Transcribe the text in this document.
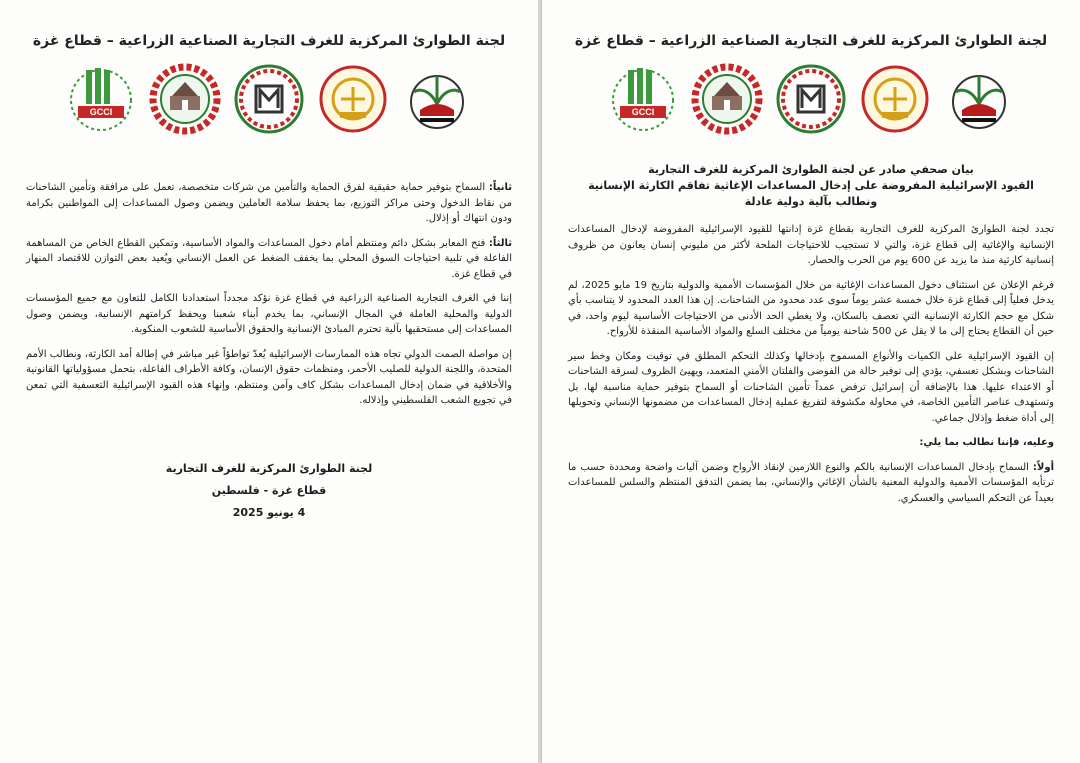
لجنة الطوارئ المركزية للغرف التجارية الصناعية الزراعية – قطاع غزة
GCCI

ثانياً: السماح بتوفير حماية حقيقية لفرق الحماية والتأمين من شركات متخصصة، تعمل على مرافقة وتأمين الشاحنات من نقاط الدخول وحتى مراكز التوزيع، بما يحفظ سلامة العاملين ويضمن وصول المساعدات إلى المواطنين بكرامة ودون انتهاك أو إذلال.

ثالثاً: فتح المعابر بشكل دائم ومنتظم أمام دخول المساعدات والمواد الأساسية، وتمكين القطاع الخاص من المساهمة الفاعلة في تلبية احتياجات السوق المحلي بما يخفف الضغط عن العمل الإنساني ويُعيد بعض التوازن للاقتصاد المنهار في قطاع غزة.

إننا في الغرف التجارية الصناعية الزراعية في قطاع غزة نؤكد مجدداً استعدادنا الكامل للتعاون مع جميع المؤسسات الدولية والمحلية العاملة في المجال الإنساني، بما يخدم أبناء شعبنا ويحفظ كرامتهم الإنسانية، ويضمن وصول المساعدات إلى مستحقيها بآلية تحترم المبادئ الإنسانية والحقوق الأساسية للشعوب المنكوبة.

إن مواصلة الصمت الدولي تجاه هذه الممارسات الإسرائيلية يُعدّ تواطؤاً غير مباشر في إطالة أمد الكارثة، ونطالب الأمم المتحدة، واللجنة الدولية للصليب الأحمر، ومنظمات حقوق الإنسان، وكافة الأطراف الفاعلة، بتحمل مسؤولياتها القانونية والأخلاقية في ضمان إدخال المساعدات بشكل كاف وآمن ومنتظم، وإنهاء هذه القيود الإسرائيلية التعسفية التي تمعن في تجويع الشعب الفلسطيني وإذلاله.

لجنة الطوارئ المركزية للغرف التجارية
قطاع غزة - فلسطين
4 يونيو 2025
لجنة الطوارئ المركزية للغرف التجارية الصناعية الزراعية – قطاع غزة
GCCI
بيان صحفي صادر عن لجنة الطوارئ المركزية للغرف التجارية
القيود الإسرائيلية المفروضة على إدخال المساعدات الإغاثية تفاقم الكارثة الإنسانية ونطالب بآلية دولية عادلة

تجدد لجنة الطوارئ المركزية للغرف التجارية بقطاع غزة إدانتها للقيود الإسرائيلية المفروضة لإدخال المساعدات الإنسانية والإغاثية إلى قطاع غزة، والتي لا تستجيب للاحتياجات الملحة لأكثر من مليوني إنسان يعانون من ظروف إنسانية كارثية منذ ما يزيد عن 600 يوم من الحرب والحصار.

فرغم الإعلان عن استئناف دخول المساعدات الإغاثية من خلال المؤسسات الأممية والدولية بتاريخ 19 مايو 2025، لم يدخل فعلياً إلى قطاع غزة خلال خمسة عشر يوماً سوى عدد محدود من الشاحنات. إن هذا العدد المحدود لا يتناسب بأي شكل مع حجم الكارثة الإنسانية التي تعصف بالسكان، ولا يغطي الحد الأدنى من الاحتياجات الأساسية ليوم واحد، في حين أن القطاع يحتاج إلى ما لا يقل عن 500 شاحنة يومياً من مختلف السلع والمواد الأساسية المنقذة للأرواح.

إن القيود الإسرائيلية على الكميات والأنواع المسموح بإدخالها وكذلك التحكم المطلق في توقيت ومكان وخط سير الشاحنات وبشكل تعسفي، يؤدي إلى توفير حالة من الفوضى والفلتان الأمني المتعمد، ويهيئ الظروف لسرقة الشاحنات أو الاعتداء عليها. هذا بالإضافة أن إسرائيل ترفض عمداً تأمين الشاحنات أو السماح بتوفير حماية مناسبة لها، بل وتستهدف عناصر التأمين الخاصة، في محاولة مكشوفة لتفريغ عملية إدخال المساعدات من مضمونها الإنساني وتحويلها إلى أداة ضغط وإذلال جماعي.

وعليه، فإننا نطالب بما يلي:

أولاً: السماح بإدخال المساعدات الإنسانية بالكم والنوع اللازمين لإنقاذ الأرواح وضمن آليات واضحة ومحددة حسب ما ترتأيه المؤسسات الأممية والدولية المعنية بالشأن الإغاثي والإنساني، بما يضمن التدفق المنتظم والسلس للمساعدات بعيداً عن التحكم السياسي والعسكري.
